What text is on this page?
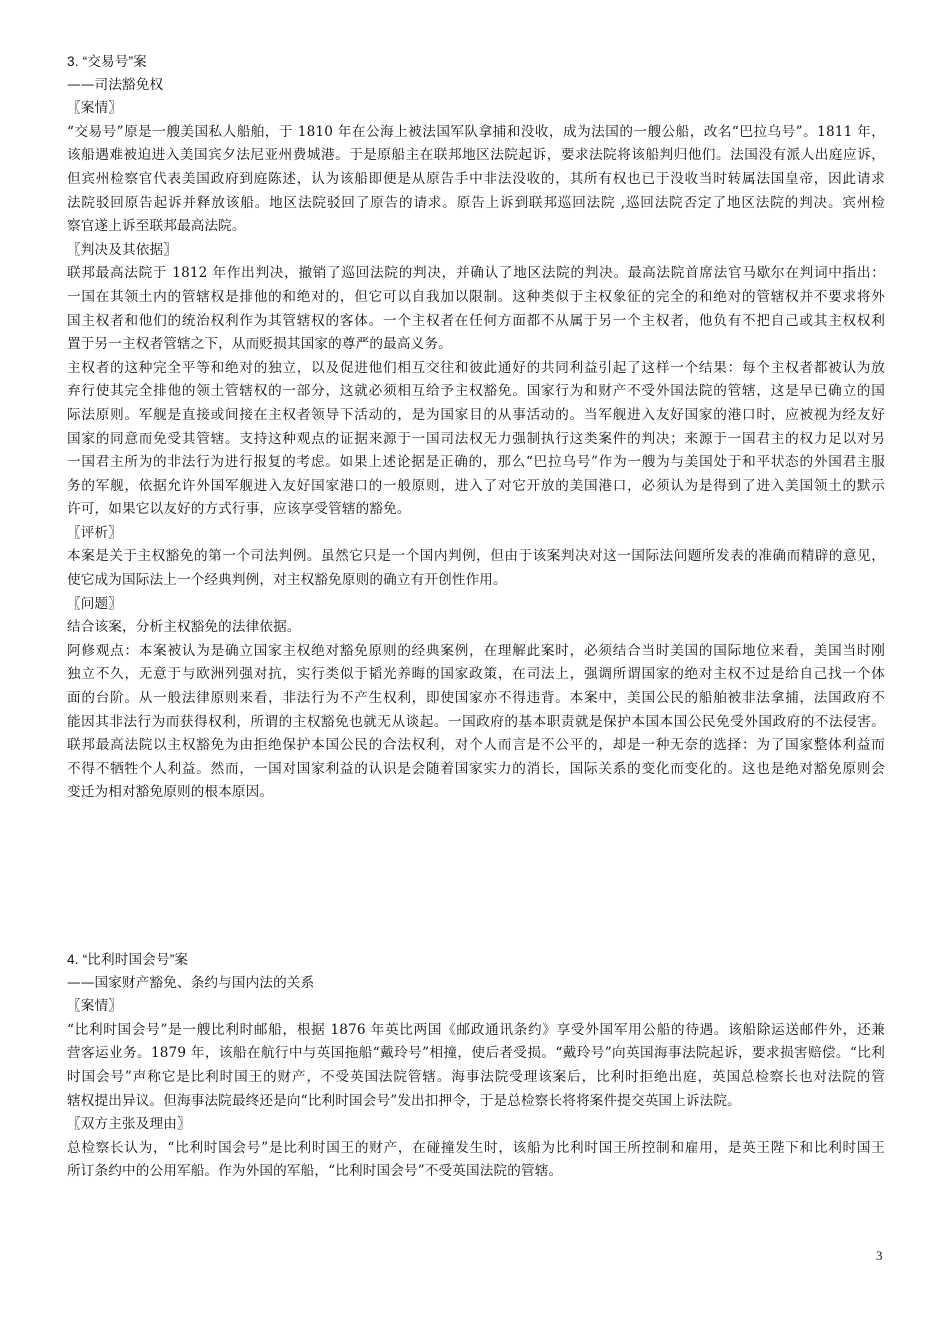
3. “交易号”案

——司法豁免权

〖案情〗

“交易号”原是一艘美国私人船舶，于 1810 年在公海上被法国军队拿捕和没收，成为法国的一艘公船，改名“巴拉乌号”。1811 年，

该船遇难被迫进入美国宾夕法尼亚州费城港。于是原船主在联邦地区法院起诉，要求法院将该船判归他们。法国没有派人出庭应诉，

但宾州检察官代表美国政府到庭陈述，认为该船即便是从原告手中非法没收的，其所有权也已于没收当时转属法国皇帝，因此请求

法院驳回原告起诉并释放该船。地区法院驳回了原告的请求。原告上诉到联邦巡回法院 ,巡回法院否定了地区法院的判决。宾州检

察官遂上诉至联邦最高法院。

〖判决及其依据〗

联邦最高法院于 1812 年作出判决，撤销了巡回法院的判决，并确认了地区法院的判决。最高法院首席法官马歇尔在判词中指出：

一国在其领土内的管辖权是排他的和绝对的，但它可以自我加以限制。这种类似于主权象征的完全的和绝对的管辖权并不要求将外

国主权者和他们的统治权利作为其管辖权的客体。一个主权者在任何方面都不从属于另一个主权者，他负有不把自己或其主权权利

置于另一主权者管辖之下，从而贬损其国家的尊严的最高义务。

主权者的这种完全平等和绝对的独立，以及促进他们相互交往和彼此通好的共同利益引起了这样一个结果：每个主权者都被认为放

弃行使其完全排他的领土管辖权的一部分，这就必须相互给予主权豁免。国家行为和财产不受外国法院的管辖，这是早已确立的国

际法原则。军舰是直接或间接在主权者领导下活动的，是为国家目的从事活动的。当军舰进入友好国家的港口时，应被视为经友好

国家的同意而免受其管辖。支持这种观点的证据来源于一国司法权无力强制执行这类案件的判决；来源于一国君主的权力足以对另

一国君主所为的非法行为进行报复的考虑。如果上述论据是正确的，那么“巴拉乌号”作为一艘为与美国处于和平状态的外国君主服

务的军舰，依据允许外国军舰进入友好国家港口的一般原则，进入了对它开放的美国港口，必须认为是得到了进入美国领土的默示

许可，如果它以友好的方式行事，应该享受管辖的豁免。

〖评析〗

本案是关于主权豁免的第一个司法判例。虽然它只是一个国内判例，但由于该案判决对这一国际法问题所发表的准确而精辟的意见，

使它成为国际法上一个经典判例，对主权豁免原则的确立有开创性作用。

〖问题〗

结合该案，分析主权豁免的法律依据。

阿修观点：本案被认为是确立国家主权绝对豁免原则的经典案例，在理解此案时，必须结合当时美国的国际地位来看，美国当时刚

独立不久，无意于与欧洲列强对抗，实行类似于韬光养晦的国家政策，在司法上，强调所谓国家的绝对主权不过是给自己找一个体

面的台阶。从一般法律原则来看，非法行为不产生权利，即使国家亦不得违背。本案中，美国公民的船舶被非法拿捕，法国政府不

能因其非法行为而获得权利，所谓的主权豁免也就无从谈起。一国政府的基本职责就是保护本国本国公民免受外国政府的不法侵害。

联邦最高法院以主权豁免为由拒绝保护本国公民的合法权利，对个人而言是不公平的，却是一种无奈的选择：为了国家整体利益而

不得不牺牲个人利益。然而，一国对国家利益的认识是会随着国家实力的消长，国际关系的变化而变化的。这也是绝对豁免原则会

变迁为相对豁免原则的根本原因。

4. “比利时国会号”案

——国家财产豁免、条约与国内法的关系

〖案情〗

“比利时国会号”是一艘比利时邮船，根据 1876 年英比两国《邮政通讯条约》享受外国军用公船的待遇。该船除运送邮件外，还兼

营客运业务。1879 年，该船在航行中与英国拖船“戴玲号”相撞，使后者受损。“戴玲号”向英国海事法院起诉，要求损害赔偿。“比利

时国会号”声称它是比利时国王的财产，不受英国法院管辖。海事法院受理该案后，比利时拒绝出庭，英国总检察长也对法院的管

辖权提出异议。但海事法院最终还是向“比利时国会号”发出扣押令，于是总检察长将将案件提交英国上诉法院。

〖双方主张及理由〗

总检察长认为，“比利时国会号”是比利时国王的财产，在碰撞发生时，该船为比利时国王所控制和雇用，是英王陛下和比利时国王

所订条约中的公用军船。作为外国的军船，“比利时国会号”不受英国法院的管辖。

3
